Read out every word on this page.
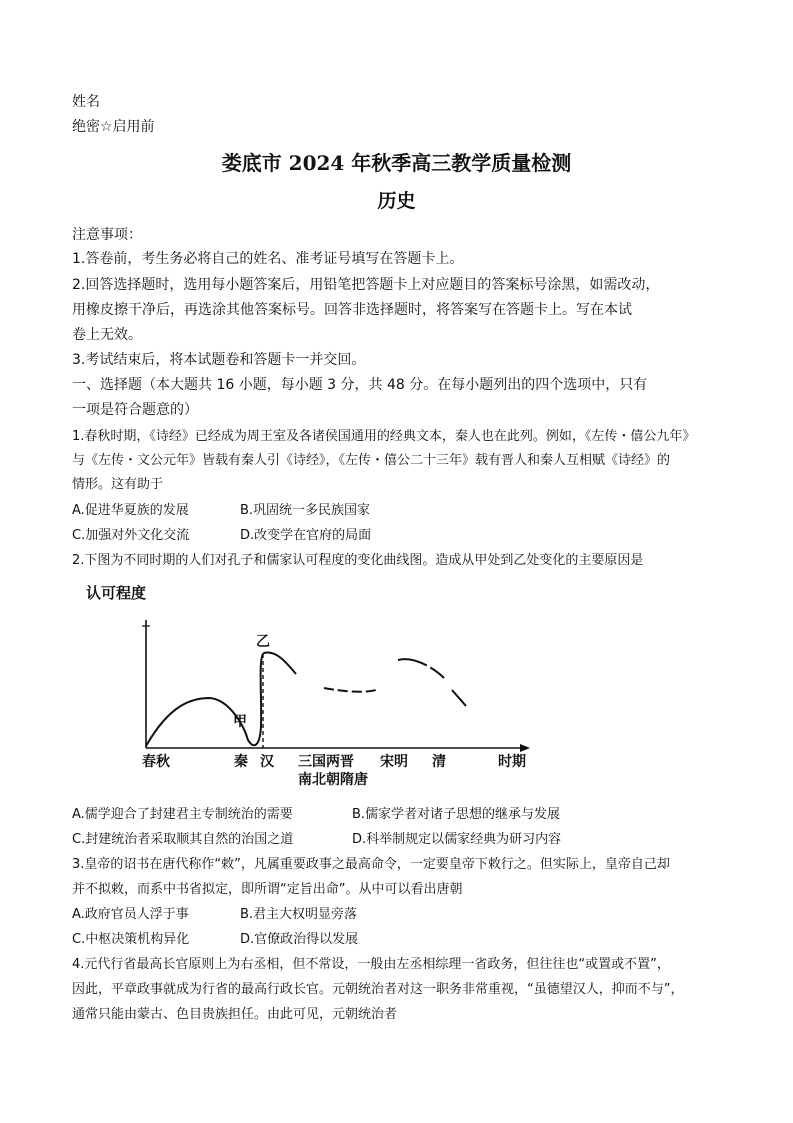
姓名
绝密☆启用前
娄底市 2024 年秋季高三教学质量检测
历史
注意事项：
1.答卷前，考生务必将自己的姓名、准考证号填写在答题卡上。
2.回答选择题时，选用每小题答案后，用铅笔把答题卡上对应题目的答案标号涂黑，如需改动，
用橡皮擦干净后，再选涂其他答案标号。回答非选择题时，将答案写在答题卡上。写在本试
卷上无效。
3.考试结束后，将本试题卷和答题卡一并交回。
一、选择题（本大题共 16 小题，每小题 3 分，共 48 分。在每小题列出的四个选项中，只有
一项是符合题意的）
1.春秋时期，《诗经》已经成为周王室及各诸侯国通用的经典文本，秦人也在此列。例如，《左传・僖公九年》
与《左传・文公元年》皆载有秦人引《诗经》，《左传・僖公二十三年》载有晋人和秦人互相赋《诗经》的
情形。这有助于
A.促进华夏族的发展	B.巩固统一多民族国家
C.加强对外文化交流	D.改变学在官府的局面
2.下图为不同时期的人们对孔子和儒家认可程度的变化曲线图。造成从甲处到乙处变化的主要原因是
认可程度
甲
乙
春秋	秦 汉 三国两晋 宋明 清
南北朝隋唐
时期
A.儒学迎合了封建君主专制统治的需要	B.儒家学者对诸子思想的继承与发展
C.封建统治者采取顺其自然的治国之道	D.科举制规定以儒家经典为研习内容
3.皇帝的诏书在唐代称作“敕”，凡属重要政事之最高命令，一定要皇帝下敕行之。但实际上，皇帝自己却
并不拟敕，而系中书省拟定，即所谓“定旨出命”。从中可以看出唐朝
A.政府官员人浮于事	B.君主大权明显旁落
C.中枢决策机构异化	D.官僚政治得以发展
4.元代行省最高长官原则上为右丞相，但不常设，一般由左丞相综理一省政务，但往往也“或置或不置”，
因此，平章政事就成为行省的最高行政长官。元朝统治者对这一职务非常重视，“虽德望汉人，抑而不与”，
通常只能由蒙古、色目贵族担任。由此可见，元朝统治者
